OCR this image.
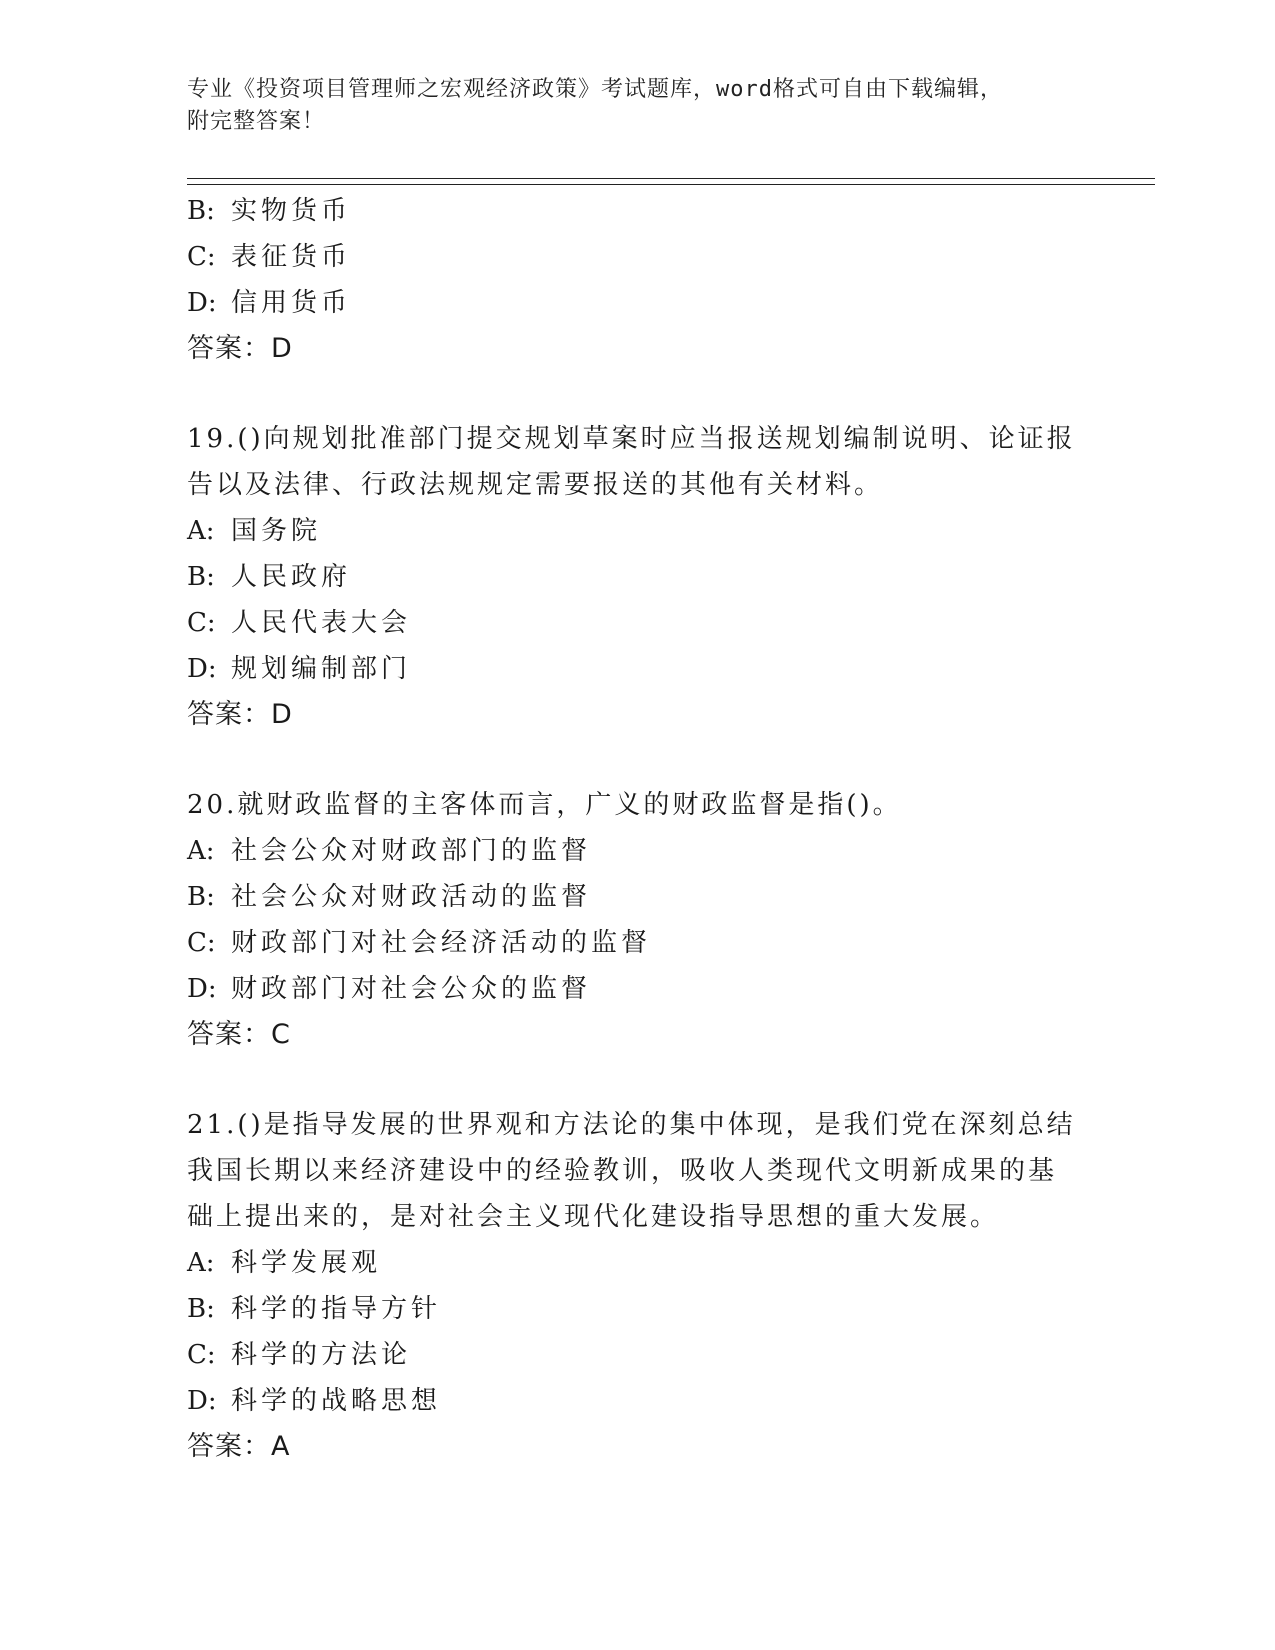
专业《投资项目管理师之宏观经济政策》考试题库，word格式可自由下载编辑，
附完整答案！
B: 实物货币
C: 表征货币
D: 信用货币
答案：D
19.()向规划批准部门提交规划草案时应当报送规划编制说明、论证报
告以及法律、行政法规规定需要报送的其他有关材料。
A: 国务院
B: 人民政府
C: 人民代表大会
D: 规划编制部门
答案：D
20.就财政监督的主客体而言，广义的财政监督是指()。
A: 社会公众对财政部门的监督
B: 社会公众对财政活动的监督
C: 财政部门对社会经济活动的监督
D: 财政部门对社会公众的监督
答案：C
21.()是指导发展的世界观和方法论的集中体现，是我们党在深刻总结
我国长期以来经济建设中的经验教训，吸收人类现代文明新成果的基
础上提出来的，是对社会主义现代化建设指导思想的重大发展。
A: 科学发展观
B: 科学的指导方针
C: 科学的方法论
D: 科学的战略思想
答案：A
